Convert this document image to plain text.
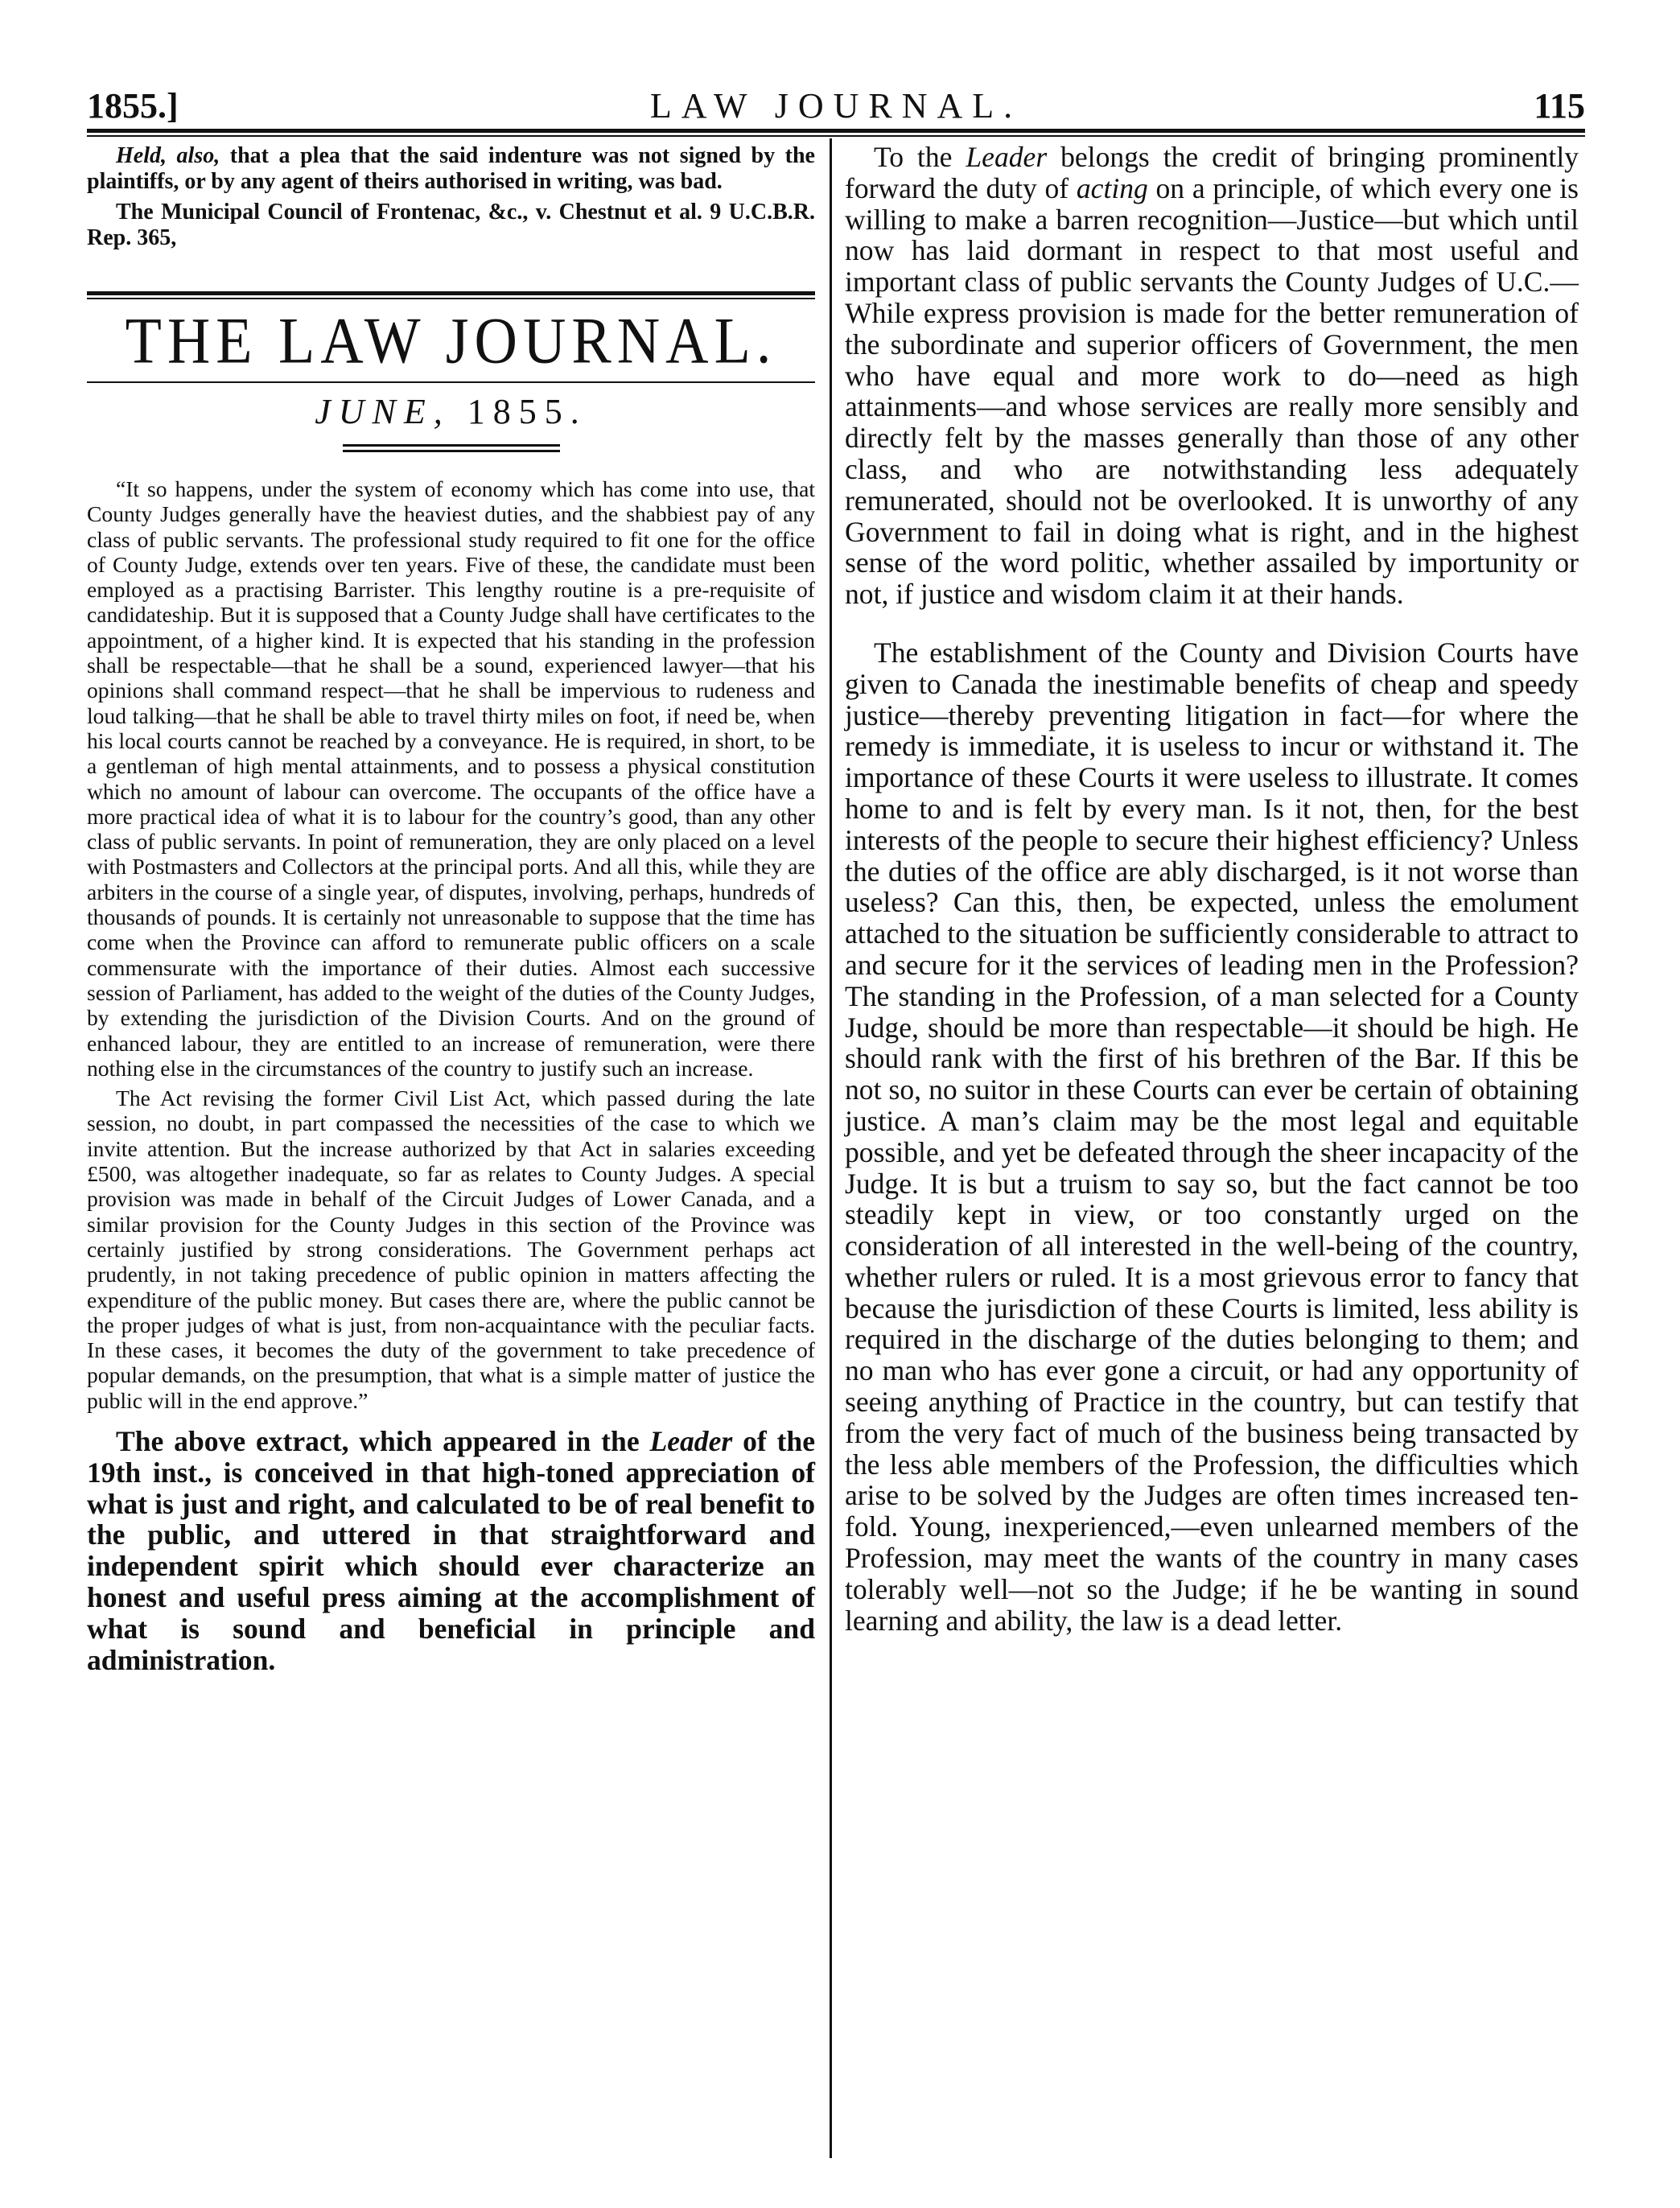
1855.]	LAW JOURNAL.	115

Held, also, that a plea that the said indenture was not signed by the plaintiffs, or by any agent of theirs authorised in writing, was bad.

The Municipal Council of Frontenac, &c., v. Chestnut et al. 9 U.C.B.R. Rep. 365,

THE LAW JOURNAL.
JUNE, 1855.

“It so happens, under the system of economy which has come into use, that County Judges generally have the heaviest duties, and the shabbiest pay of any class of public servants. The professional study required to fit one for the office of County Judge, extends over ten years. Five of these, the candidate must been employed as a practising Barrister. This lengthy routine is a pre-requisite of candidateship. But it is supposed that a County Judge shall have certificates to the appointment, of a higher kind. It is expected that his standing in the profession shall be respectable—that he shall be a sound, experienced lawyer—that his opinions shall command respect—that he shall be impervious to rudeness and loud talking—that he shall be able to travel thirty miles on foot, if need be, when his local courts cannot be reached by a conveyance. He is required, in short, to be a gentleman of high mental attainments, and to possess a physical constitution which no amount of labour can overcome. The occupants of the office have a more practical idea of what it is to labour for the country’s good, than any other class of public servants. In point of remuneration, they are only placed on a level with Postmasters and Collectors at the principal ports. And all this, while they are arbiters in the course of a single year, of disputes, involving, perhaps, hundreds of thousands of pounds. It is certainly not unreasonable to suppose that the time has come when the Province can afford to remunerate public officers on a scale commensurate with the importance of their duties. Almost each successive session of Parliament, has added to the weight of the duties of the County Judges, by extending the jurisdiction of the Division Courts. And on the ground of enhanced labour, they are entitled to an increase of remuneration, were there nothing else in the circumstances of the country to justify such an increase.

The Act revising the former Civil List Act, which passed during the late session, no doubt, in part compassed the necessities of the case to which we invite attention. But the increase authorized by that Act in salaries exceeding £500, was altogether inadequate, so far as relates to County Judges. A special provision was made in behalf of the Circuit Judges of Lower Canada, and a similar provision for the County Judges in this section of the Province was certainly justified by strong considerations. The Government perhaps act prudently, in not taking precedence of public opinion in matters affecting the expenditure of the public money. But cases there are, where the public cannot be the proper judges of what is just, from non-acquaintance with the peculiar facts. In these cases, it becomes the duty of the government to take precedence of popular demands, on the presumption, that what is a simple matter of justice the public will in the end approve.”

The above extract, which appeared in the Leader of the 19th inst., is conceived in that high-toned appreciation of what is just and right, and calculated to be of real benefit to the public, and uttered in that straightforward and independent spirit which should ever characterize an honest and useful press aiming at the accomplishment of what is sound and beneficial in principle and administration.

To the Leader belongs the credit of bringing prominently forward the duty of acting on a principle, of which every one is willing to make a barren recognition—Justice—but which until now has laid dormant in respect to that most useful and important class of public servants the County Judges of U.C.—While express provision is made for the better remuneration of the subordinate and superior officers of Government, the men who have equal and more work to do—need as high attainments—and whose services are really more sensibly and directly felt by the masses generally than those of any other class, and who are notwithstanding less adequately remunerated, should not be overlooked. It is unworthy of any Government to fail in doing what is right, and in the highest sense of the word politic, whether assailed by importunity or not, if justice and wisdom claim it at their hands.

The establishment of the County and Division Courts have given to Canada the inestimable benefits of cheap and speedy justice—thereby preventing litigation in fact—for where the remedy is immediate, it is useless to incur or withstand it. The importance of these Courts it were useless to illustrate. It comes home to and is felt by every man. Is it not, then, for the best interests of the people to secure their highest efficiency? Unless the duties of the office are ably discharged, is it not worse than useless? Can this, then, be expected, unless the emolument attached to the situation be sufficiently considerable to attract to and secure for it the services of leading men in the Profession? The standing in the Profession, of a man selected for a County Judge, should be more than respectable—it should be high. He should rank with the first of his brethren of the Bar. If this be not so, no suitor in these Courts can ever be certain of obtaining justice. A man’s claim may be the most legal and equitable possible, and yet be defeated through the sheer incapacity of the Judge. It is but a truism to say so, but the fact cannot be too steadily kept in view, or too constantly urged on the consideration of all interested in the well-being of the country, whether rulers or ruled. It is a most grievous error to fancy that because the jurisdiction of these Courts is limited, less ability is required in the discharge of the duties belonging to them; and no man who has ever gone a circuit, or had any opportunity of seeing anything of Practice in the country, but can testify that from the very fact of much of the business being transacted by the less able members of the Profession, the difficulties which arise to be solved by the Judges are often times increased ten-fold. Young, inexperienced,—even unlearned members of the Profession, may meet the wants of the country in many cases tolerably well—not so the Judge; if he be wanting in sound learning and ability, the law is a dead letter.
